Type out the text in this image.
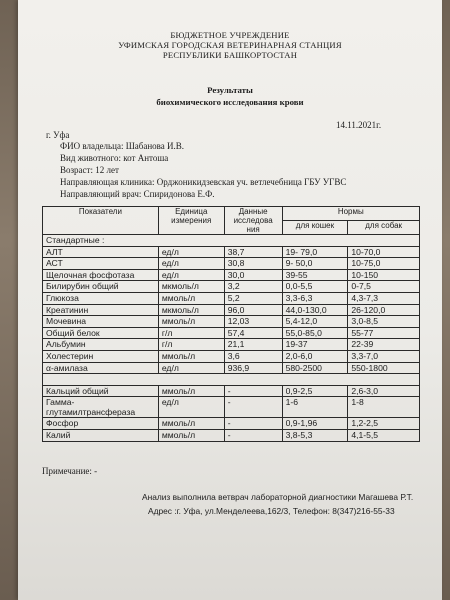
БЮДЖЕТНОЕ УЧРЕЖДЕНИЕ
УФИМСКАЯ ГОРОДСКАЯ ВЕТЕРИНАРНАЯ СТАНЦИЯ
РЕСПУБЛИКИ БАШКОРТОСТАН
Результаты
биохимического исследования крови
14.11.2021г.
г. Уфа
ФИО владельца: Шабанова И.В.
Вид животного: кот Антоша
Возраст: 12 лет
Направляющая клиника: Орджоникидзевская уч. ветлечебница ГБУ УГВС
Направляющий врач: Спиридонова Е.Ф.
Показатели	Единица измерения	Данные исследова ния	Нормы	
			для кошек	для собак
Стандартные :				
АЛТ	ед/л	38,7	19- 79,0	10-70,0
АСТ	ед/л	30,8	9- 50,0	10-75,0
Щелочная фосфотаза	ед/л	30,0	39-55	10-150
Билирубин общий	мкмоль/л	3,2	0,0-5,5	0-7,5
Глюкоза	ммоль/л	5,2	3,3-6,3	4,3-7,3
Креатинин	мкмоль/л	96,0	44,0-130,0	26-120,0
Мочевина	ммоль/л	12,03	5,4-12,0	3,0-8,5
Общий белок	г/л	57,4	55,0-85,0	55-77
Альбумин	г/л	21,1	19-37	22-39
Холестерин	ммоль/л	3,6	2,0-6,0	3,3-7,0
α-амилаза	ед/л	936,9	580-2500	550-1800

Кальций общий	ммоль/л	-	0,9-2,5	2,6-3,0
Гамма-глутамилтрансфераза	ед/л	-	1-6	1-8
Фосфор	ммоль/л	-	0,9-1,96	1,2-2,5
Калий	ммоль/л	-	3,8-5,3	4,1-5,5
Примечание: -
Анализ выполнила ветврач лабораторной диагностики Магашева Р.Т.
Адрес :г. Уфа, ул.Менделеева,162/3, Телефон: 8(347)216-55-33
